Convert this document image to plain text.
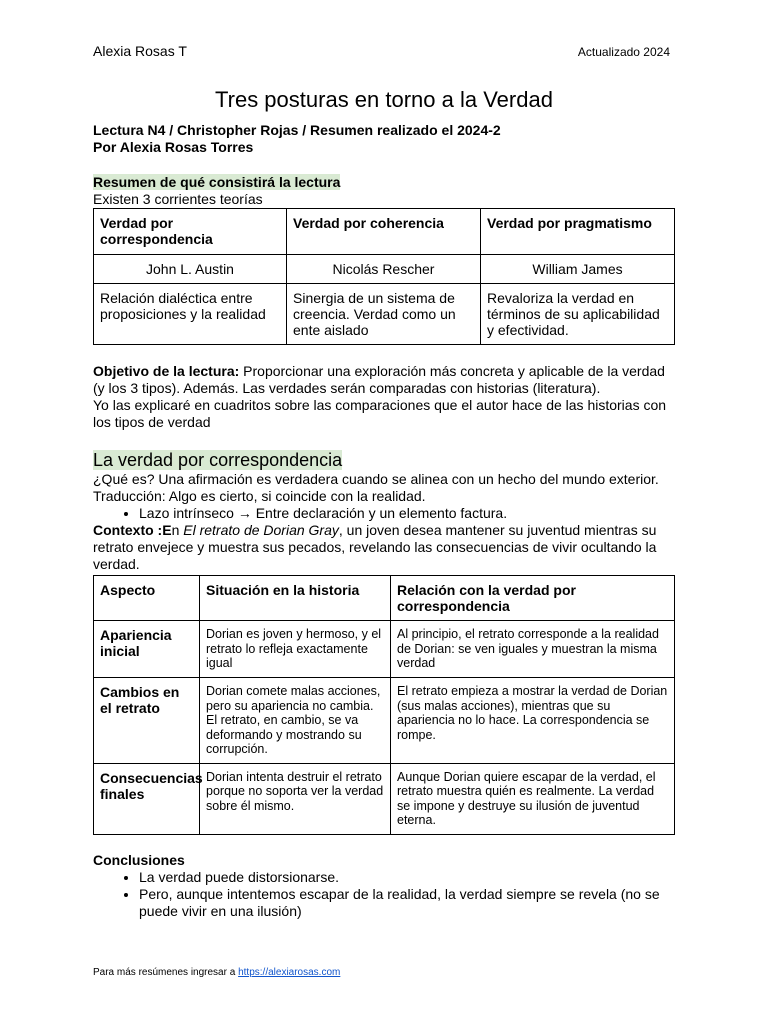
Alexia Rosas T	Actualizado 2024
Tres posturas en torno a la Verdad

Lectura N4 / Christopher Rojas / Resumen realizado el 2024-2

Por Alexia Rosas Torres

Resumen de qué consistirá la lectura

Existen 3 corrientes teorías

Verdad por correspondencia	Verdad por coherencia	Verdad por pragmatismo
John L. Austin	Nicolás Rescher	William James
Relación dialéctica entre proposiciones y la realidad	Sinergia de un sistema de creencia. Verdad como un ente aislado	Revaloriza la verdad en términos de su aplicabilidad y efectividad.

Objetivo de la lectura: Proporcionar una exploración más concreta y aplicable de la verdad (y los 3 tipos). Además. Las verdades serán comparadas con historias (literatura).

Yo las explicaré en cuadritos sobre las comparaciones que el autor hace de las historias con los tipos de verdad

La verdad por correspondencia

¿Qué es? Una afirmación es verdadera cuando se alinea con un hecho del mundo exterior.

Traducción: Algo es cierto, si coincide con la realidad.

• Lazo intrínseco → Entre declaración y un elemento factura.

Contexto :En El retrato de Dorian Gray, un joven desea mantener su juventud mientras su retrato envejece y muestra sus pecados, revelando las consecuencias de vivir ocultando la verdad.

Aspecto	Situación en la historia	Relación con la verdad por correspondencia
Apariencia inicial	Dorian es joven y hermoso, y el retrato lo refleja exactamente igual	Al principio, el retrato corresponde a la realidad de Dorian: se ven iguales y muestran la misma verdad
Cambios en el retrato	Dorian comete malas acciones, pero su apariencia no cambia. El retrato, en cambio, se va deformando y mostrando su corrupción.	El retrato empieza a mostrar la verdad de Dorian (sus malas acciones), mientras que su apariencia no lo hace. La correspondencia se rompe.
Consecuencias finales	Dorian intenta destruir el retrato porque no soporta ver la verdad sobre él mismo.	Aunque Dorian quiere escapar de la verdad, el retrato muestra quién es realmente. La verdad se impone y destruye su ilusión de juventud eterna.

Conclusiones

• La verdad puede distorsionarse.
• Pero, aunque intentemos escapar de la realidad, la verdad siempre se revela (no se puede vivir en una ilusión)
Para más resúmenes ingresar a https://alexiarosas.com
